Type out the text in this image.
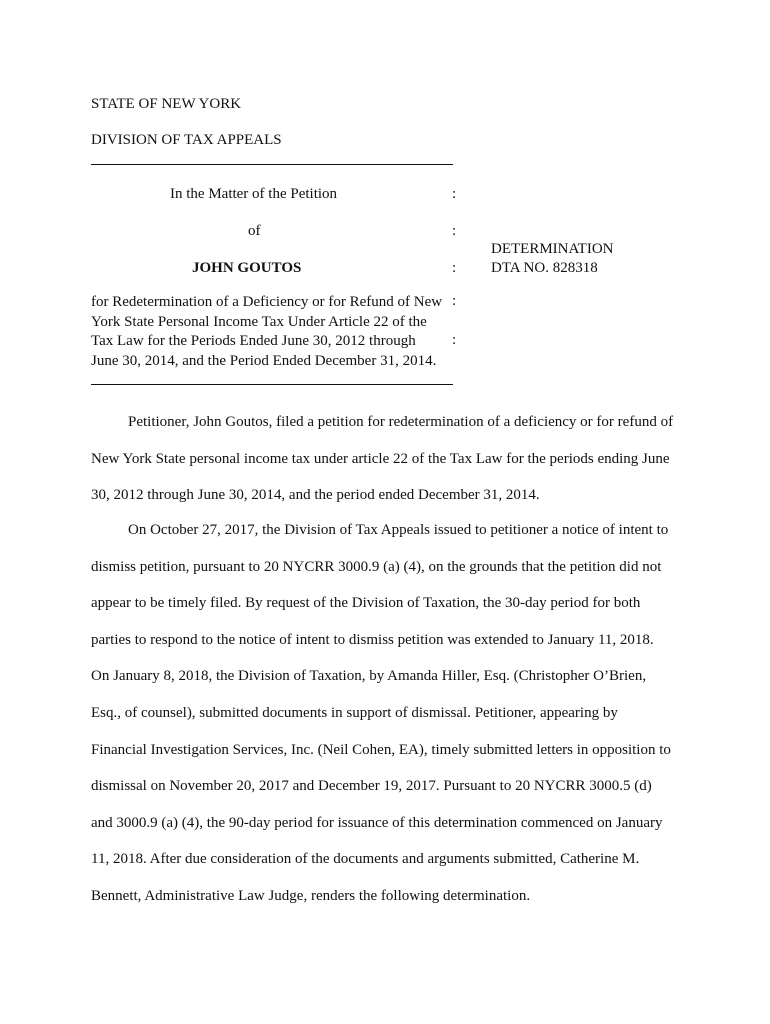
STATE OF NEW YORK
DIVISION OF TAX APPEALS
In the Matter of the Petition
of
JOHN GOUTOS
for Redetermination of a Deficiency or for Refund of New
York State Personal Income Tax Under Article 22 of the
Tax Law for the Periods Ended June 30, 2012 through
June 30, 2014, and the Period Ended December 31, 2014.
:
:
:
:
:
DETERMINATION
DTA NO. 828318
Petitioner, John Goutos, filed a petition for redetermination of a deficiency or for refund of
New York State personal income tax under article 22 of the Tax Law for the periods ending June
30, 2012 through June 30, 2014, and the period ended December 31, 2014.
On October 27, 2017, the Division of Tax Appeals issued to petitioner a notice of intent to
dismiss petition, pursuant to 20 NYCRR 3000.9 (a) (4), on the grounds that the petition did not
appear to be timely filed. By request of the Division of Taxation, the 30-day period for both
parties to respond to the notice of intent to dismiss petition was extended to January 11, 2018.
On January 8, 2018, the Division of Taxation, by Amanda Hiller, Esq. (Christopher O’Brien,
Esq., of counsel), submitted documents in support of dismissal. Petitioner, appearing by
Financial Investigation Services, Inc. (Neil Cohen, EA), timely submitted letters in opposition to
dismissal on November 20, 2017 and December 19, 2017. Pursuant to 20 NYCRR 3000.5 (d)
and 3000.9 (a) (4), the 90-day period for issuance of this determination commenced on January
11, 2018. After due consideration of the documents and arguments submitted, Catherine M.
Bennett, Administrative Law Judge, renders the following determination.
